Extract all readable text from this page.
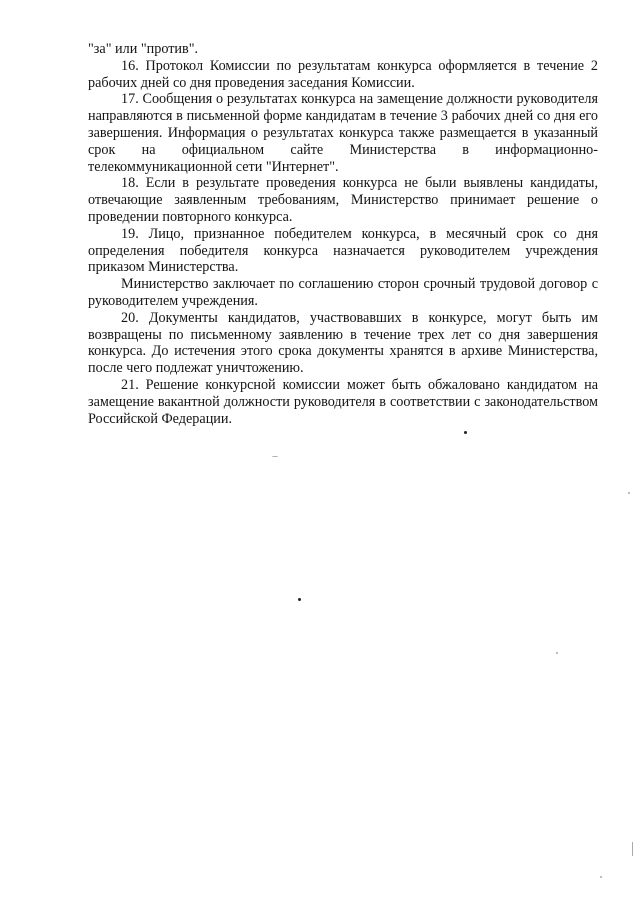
"за" или "против".

16. Протокол Комиссии по результатам конкурса оформляется в течение 2 рабочих дней со дня проведения заседания Комиссии.

17. Сообщения о результатах конкурса на замещение должности руководителя направляются в письменной форме кандидатам в течение 3 рабочих дней со дня его завершения. Информация о результатах конкурса также размещается в указанный срок на официальном сайте Министерства в информационно-телекоммуникационной сети "Интернет".

18. Если в результате проведения конкурса не были выявлены кандидаты, отвечающие заявленным требованиям, Министерство принимает решение о проведении повторного конкурса.

19. Лицо, признанное победителем конкурса, в месячный срок со дня определения победителя конкурса назначается руководителем учреждения приказом Министерства.

Министерство заключает по соглашению сторон срочный трудовой договор с руководителем учреждения.

20. Документы кандидатов, участвовавших в конкурсе, могут быть им возвращены по письменному заявлению в течение трех лет со дня завершения конкурса. До истечения этого срока документы хранятся в архиве Министерства, после чего подлежат уничтожению.

21. Решение конкурсной комиссии может быть обжаловано кандидатом на замещение вакантной должности руководителя в соответствии с законодательством Российской Федерации.
